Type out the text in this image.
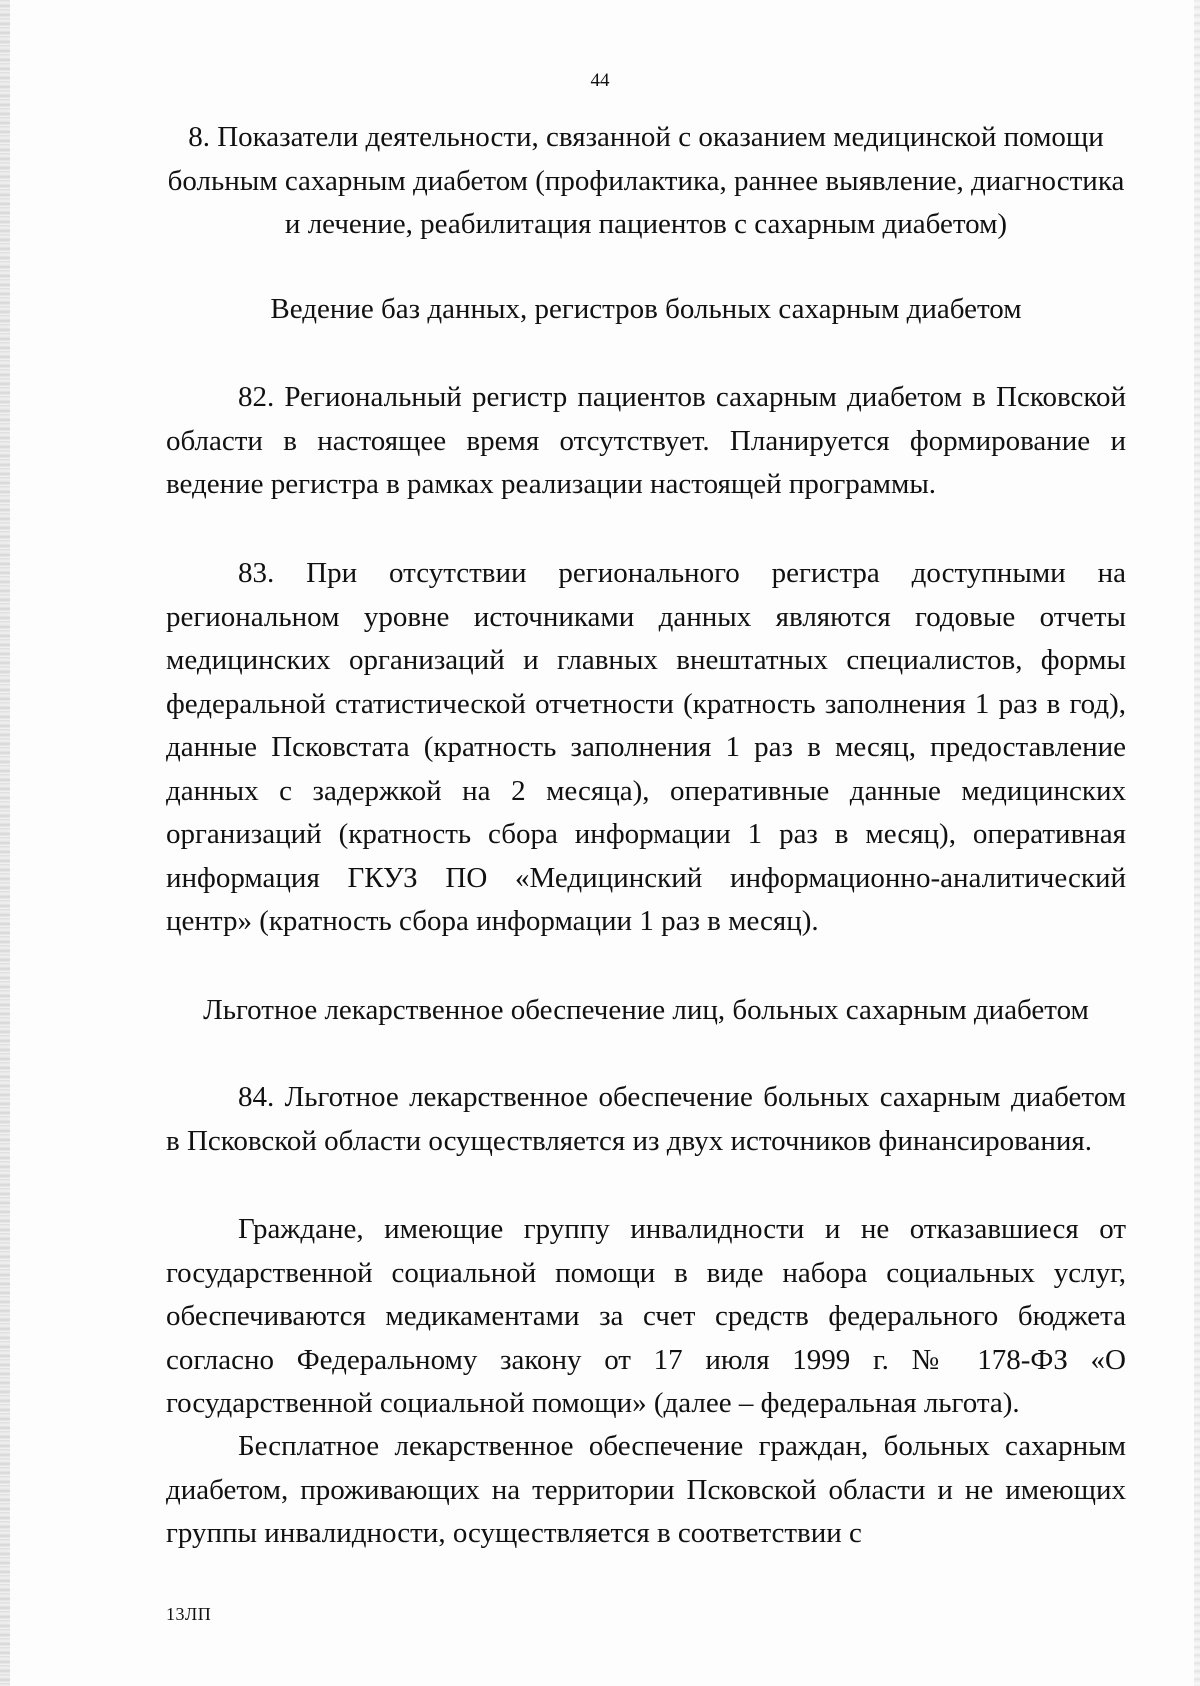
44
8. Показатели деятельности, связанной с оказанием медицинской помощи больным сахарным диабетом (профилактика, раннее выявление, диагностика и лечение, реабилитация пациентов с сахарным диабетом)
Ведение баз данных, регистров больных сахарным диабетом
82. Региональный регистр пациентов сахарным диабетом в Псковской области в настоящее время отсутствует. Планируется формирование и ведение регистра в рамках реализации настоящей программы.
83. При отсутствии регионального регистра доступными на региональном уровне источниками данных являются годовые отчеты медицинских организаций и главных внештатных специалистов, формы федеральной статистической отчетности (кратность заполнения 1 раз в год), данные Псковстата (кратность заполнения 1 раз в месяц, предоставление данных с задержкой на 2 месяца), оперативные данные медицинских организаций (кратность сбора информации 1 раз в месяц), оперативная информация ГКУЗ ПО «Медицинский информационно-аналитический центр» (кратность сбора информации 1 раз в месяц).
Льготное лекарственное обеспечение лиц, больных сахарным диабетом
84. Льготное лекарственное обеспечение больных сахарным диабетом в Псковской области осуществляется из двух источников финансирования.
Граждане, имеющие группу инвалидности и не отказавшиеся от государственной социальной помощи в виде набора социальных услуг, обеспечиваются медикаментами за счет средств федерального бюджета согласно Федеральному закону от 17 июля 1999 г. № 178-ФЗ «О государственной социальной помощи» (далее – федеральная льгота).
Бесплатное лекарственное обеспечение граждан, больных сахарным диабетом, проживающих на территории Псковской области и не имеющих группы инвалидности, осуществляется в соответствии с
13ЛП
